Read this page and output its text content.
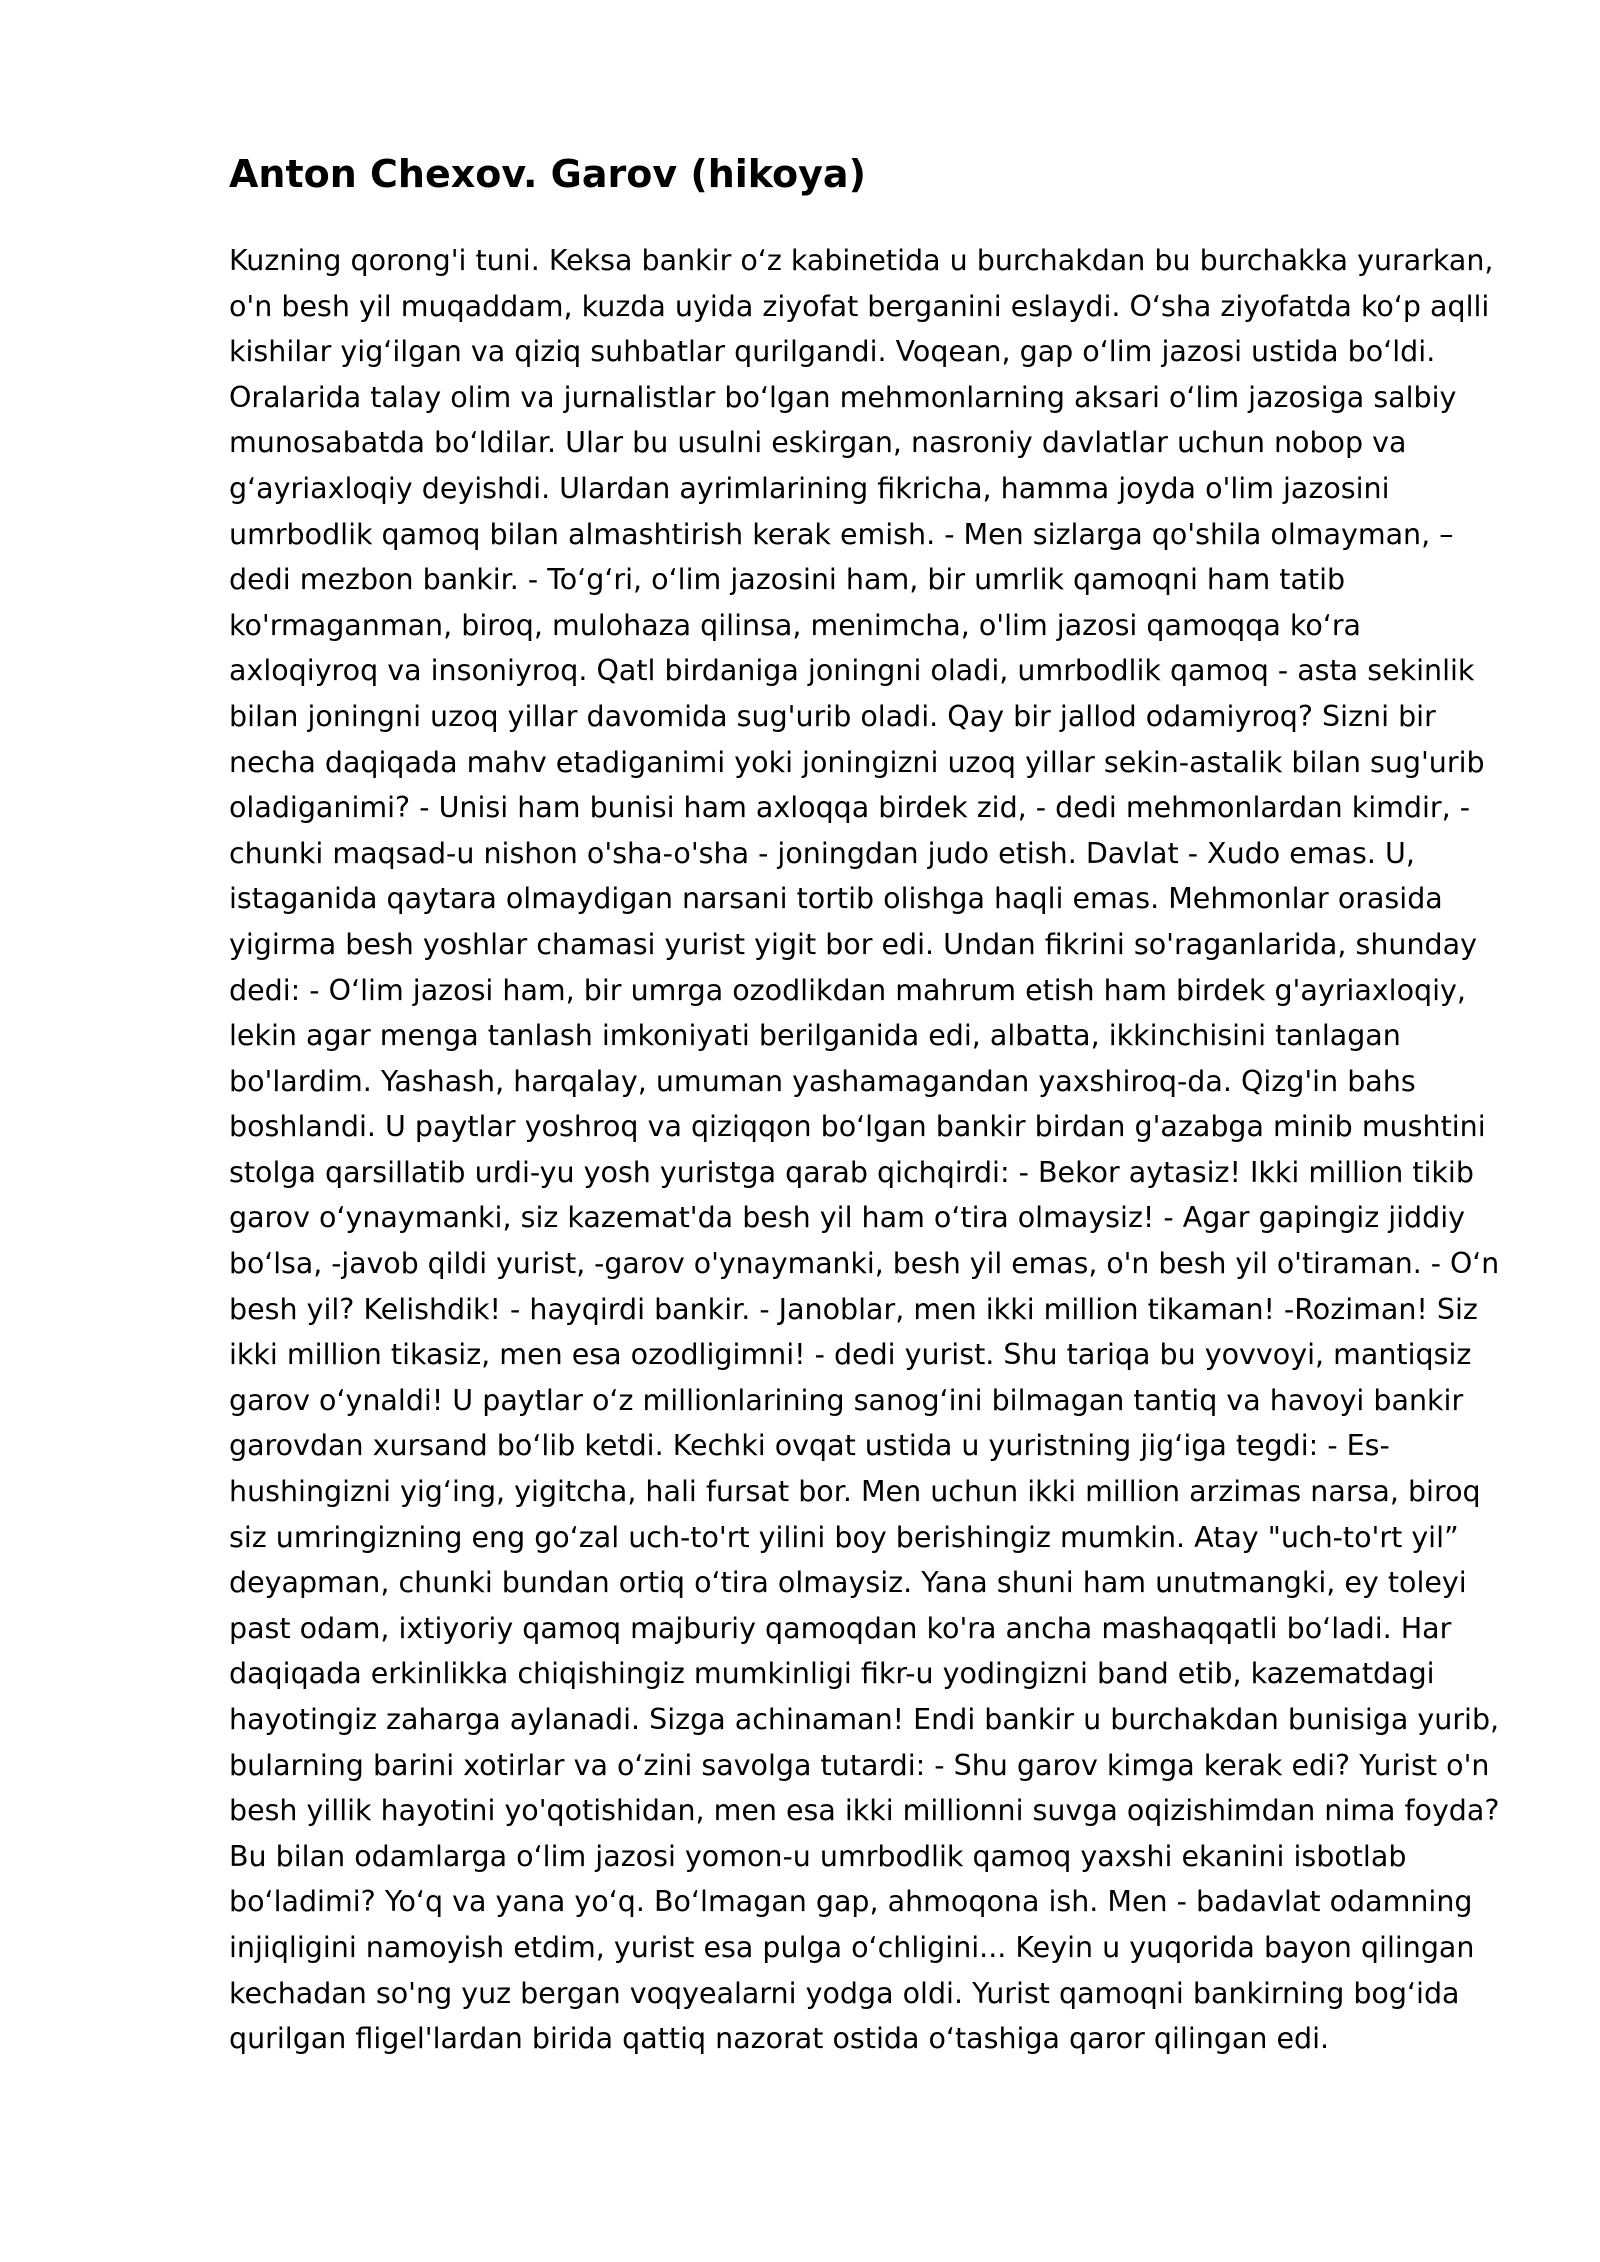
Anton Chexov. Garov (hikoya)
Kuzning qorong'i tuni. Keksa bankir oʻz kabinetida u burchakdan bu burchakka yurarkan,
o'n besh yil muqaddam, kuzda uyida ziyofat berganini eslaydi. Oʻsha ziyofatda koʻp aqlli
kishilar yigʻilgan va qiziq suhbatlar qurilgandi. Voqean, gap oʻlim jazosi ustida boʻldi.
Oralarida talay olim va jurnalistlar boʻlgan mehmonlarning aksari oʻlim jazosiga salbiy
munosabatda boʻldilar. Ular bu usulni eskirgan, nasroniy davlatlar uchun nobop va
gʻayriaxloqiy deyishdi. Ulardan ayrimlarining fikricha, hamma joyda o'lim jazosini
umrbodlik qamoq bilan almashtirish kerak emish. - Men sizlarga qo'shila olmayman, –
dedi mezbon bankir. - Toʻgʻri, oʻlim jazosini ham, bir umrlik qamoqni ham tatib
ko'rmaganman, biroq, mulohaza qilinsa, menimcha, o'lim jazosi qamoqqa koʻra
axloqiyroq va insoniyroq. Qatl birdaniga joningni oladi, umrbodlik qamoq - asta sekinlik
bilan joningni uzoq yillar davomida sug'urib oladi. Qay bir jallod odamiyroq? Sizni bir
necha daqiqada mahv etadiganimi yoki joningizni uzoq yillar sekin-astalik bilan sug'urib
oladiganimi? - Unisi ham bunisi ham axloqqa birdek zid, - dedi mehmonlardan kimdir, -
chunki maqsad-u nishon o'sha-o'sha - joningdan judo etish. Davlat - Xudo emas. U,
istaganida qaytara olmaydigan narsani tortib olishga haqli emas. Mehmonlar orasida
yigirma besh yoshlar chamasi yurist yigit bor edi. Undan fikrini so'raganlarida, shunday
dedi: - Oʻlim jazosi ham, bir umrga ozodlikdan mahrum etish ham birdek g'ayriaxloqiy,
lekin agar menga tanlash imkoniyati berilganida edi, albatta, ikkinchisini tanlagan
bo'lardim. Yashash, harqalay, umuman yashamagandan yaxshiroq-da. Qizg'in bahs
boshlandi. U paytlar yoshroq va qiziqqon boʻlgan bankir birdan g'azabga minib mushtini
stolga qarsillatib urdi-yu yosh yuristga qarab qichqirdi: - Bekor aytasiz! Ikki million tikib
garov oʻynaymanki, siz kazemat'da besh yil ham oʻtira olmaysiz! - Agar gapingiz jiddiy
boʻlsa, -javob qildi yurist, -garov o'ynaymanki, besh yil emas, o'n besh yil o'tiraman. - Oʻn
besh yil? Kelishdik! - hayqirdi bankir. - Janoblar, men ikki million tikaman! -Roziman! Siz
ikki million tikasiz, men esa ozodligimni! - dedi yurist. Shu tariqa bu yovvoyi, mantiqsiz
garov oʻynaldi! U paytlar oʻz millionlarining sanogʻini bilmagan tantiq va havoyi bankir
garovdan xursand boʻlib ketdi. Kechki ovqat ustida u yuristning jigʻiga tegdi: - Es-
hushingizni yigʻing, yigitcha, hali fursat bor. Men uchun ikki million arzimas narsa, biroq
siz umringizning eng goʻzal uch-to'rt yilini boy berishingiz mumkin. Atay "uch-to'rt yil”
deyapman, chunki bundan ortiq oʻtira olmaysiz. Yana shuni ham unutmangki, ey toleyi
past odam, ixtiyoriy qamoq majburiy qamoqdan ko'ra ancha mashaqqatli boʻladi. Har
daqiqada erkinlikka chiqishingiz mumkinligi fikr-u yodingizni band etib, kazematdagi
hayotingiz zaharga aylanadi. Sizga achinaman! Endi bankir u burchakdan bunisiga yurib,
bularning barini xotirlar va oʻzini savolga tutardi: - Shu garov kimga kerak edi? Yurist o'n
besh yillik hayotini yo'qotishidan, men esa ikki millionni suvga oqizishimdan nima foyda?
Bu bilan odamlarga oʻlim jazosi yomon-u umrbodlik qamoq yaxshi ekanini isbotlab
boʻladimi? Yoʻq va yana yoʻq. Boʻlmagan gap, ahmoqona ish. Men - badavlat odamning
injiqligini namoyish etdim, yurist esa pulga oʻchligini... Keyin u yuqorida bayon qilingan
kechadan so'ng yuz bergan voqyealarni yodga oldi. Yurist qamoqni bankirning bogʻida
qurilgan fligel'lardan birida qattiq nazorat ostida oʻtashiga qaror qilingan edi.
